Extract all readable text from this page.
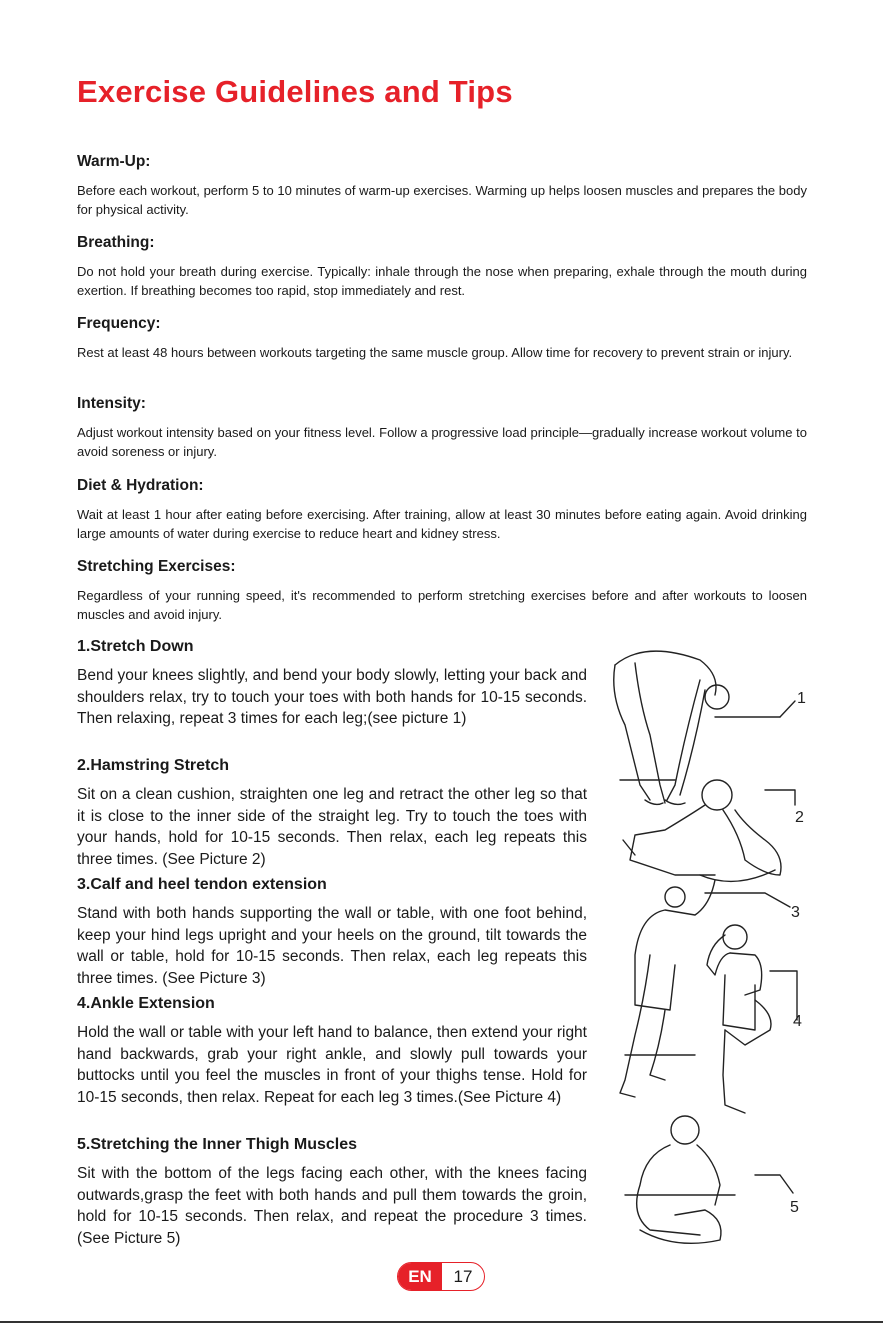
Exercise Guidelines and Tips
Warm-Up:

Before each workout, perform 5 to 10 minutes of warm-up exercises. Warming up helps loosen muscles and prepares the body for physical activity.

Breathing:

Do not hold your breath during exercise. Typically: inhale through the nose when preparing, exhale through the mouth during exertion. If breathing becomes too rapid, stop immediately and rest.

Frequency:

Rest at least 48 hours between workouts targeting the same muscle group. Allow time for recovery to prevent strain or injury.

Intensity:

Adjust workout intensity based on your fitness level. Follow a progressive load principle—gradually increase workout volume to avoid soreness or injury.

Diet & Hydration:

Wait at least 1 hour after eating before exercising. After training, allow at least 30 minutes before eating again. Avoid drinking large amounts of water during exercise to reduce heart and kidney stress.

Stretching Exercises:

Regardless of your running speed, it's recommended to perform stretching exercises before and after workouts to loosen muscles and avoid injury.

1.Stretch Down

Bend your knees slightly, and bend your body slowly, letting your back and shoulders relax, try to touch your toes with both hands for 10-15 seconds. Then relaxing, repeat 3 times for each leg;(see picture 1)

2.Hamstring Stretch

Sit on a clean cushion, straighten one leg and retract the other leg so that it is close to the inner side of the straight leg. Try to touch the toes with your hands, hold for 10-15 seconds. Then relax, each leg repeats this three times. (See Picture 2)

3.Calf and heel tendon extension

Stand with both hands supporting the wall or table, with one foot behind, keep your hind legs upright and your heels on the ground, tilt towards the wall or table, hold for 10-15 seconds. Then relax, each leg repeats this three times. (See Picture 3)

4.Ankle Extension

Hold the wall or table with your left hand to balance, then extend your right hand backwards, grab your right ankle, and slowly pull towards your buttocks until you feel the muscles in front of your thighs tense. Hold for 10-15 seconds, then relax. Repeat for each leg 3 times.(See Picture 4)

5.Stretching the Inner Thigh Muscles

Sit with the bottom of the legs facing each other, with the knees facing outwards,grasp the feet with both hands and pull them towards the groin, hold for 10-15 seconds. Then relax, and repeat the procedure 3 times. (See Picture 5)

1
2
3
4
5
EN	17
